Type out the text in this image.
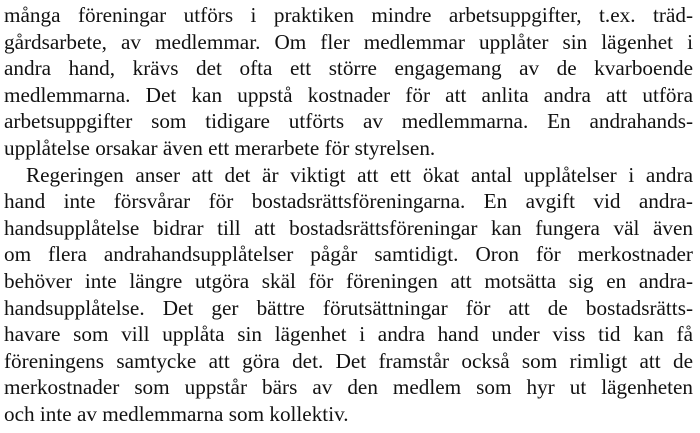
många föreningar utförs i praktiken mindre arbetsuppgifter, t.ex. träd-
gårdsarbete, av medlemmar. Om fler medlemmar upplåter sin lägenhet i
andra hand, krävs det ofta ett större engagemang av de kvarboende
medlemmarna. Det kan uppstå kostnader för att anlita andra att utföra
arbetsuppgifter som tidigare utförts av medlemmarna. En andrahands-
upplåtelse orsakar även ett merarbete för styrelsen.
Regeringen anser att det är viktigt att ett ökat antal upplåtelser i andra
hand inte försvårar för bostadsrättsföreningarna. En avgift vid andra-
handsupplåtelse bidrar till att bostadsrättsföreningar kan fungera väl även
om flera andrahandsupplåtelser pågår samtidigt. Oron för merkostnader
behöver inte längre utgöra skäl för föreningen att motsätta sig en andra-
handsupplåtelse. Det ger bättre förutsättningar för att de bostadsrätts-
havare som vill upplåta sin lägenhet i andra hand under viss tid kan få
föreningens samtycke att göra det. Det framstår också som rimligt att de
merkostnader som uppstår bärs av den medlem som hyr ut lägenheten
och inte av medlemmarna som kollektiv.
